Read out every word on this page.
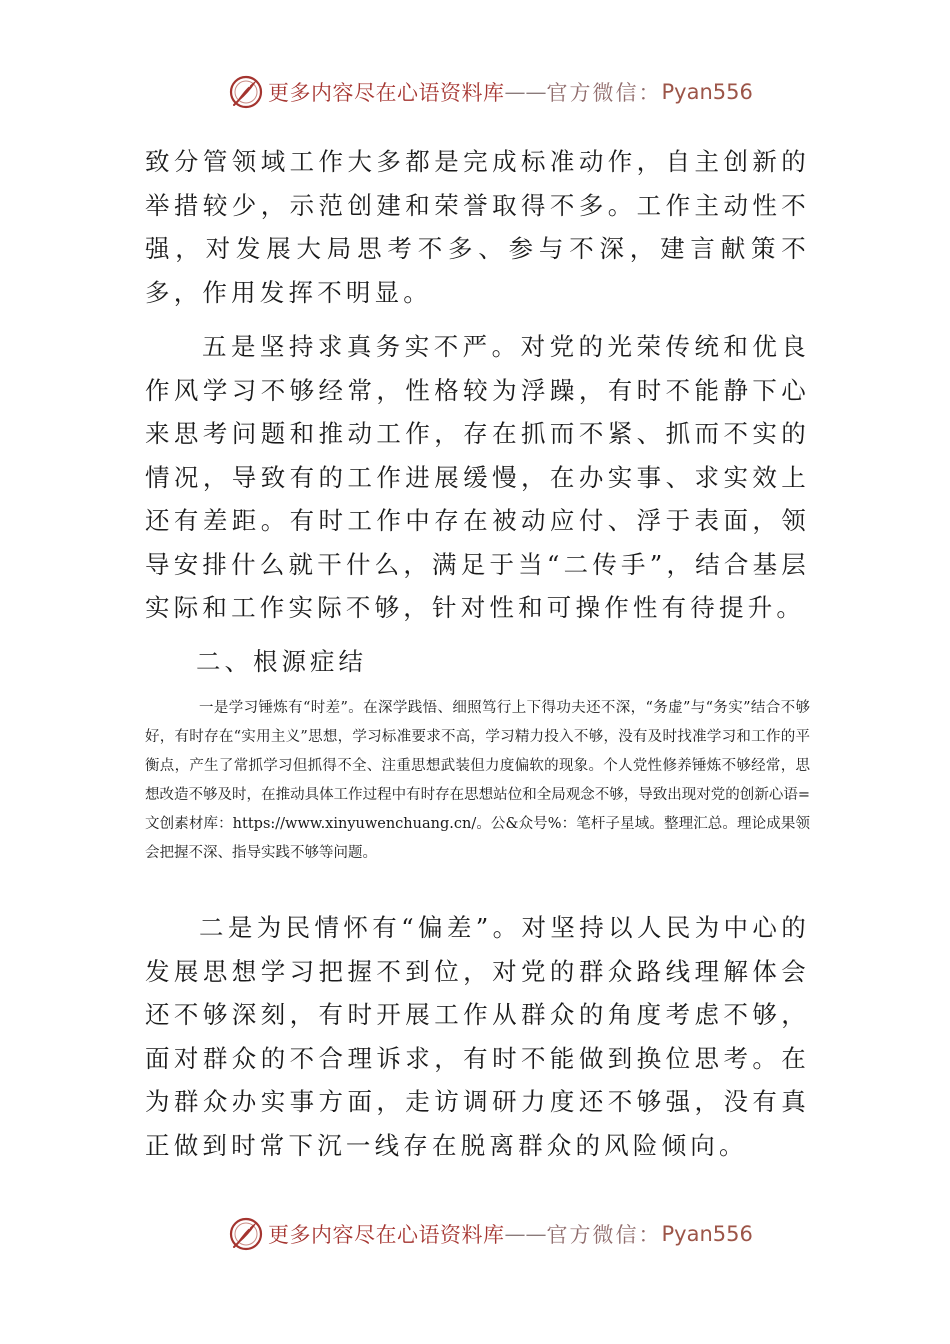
更多内容尽在心语资料库 —— 官方微信： Pyan556

致分管领域工作大多都是完成标准动作，自主创新的举措较少，示范创建和荣誉取得不多。工作主动性不强，对发展大局思考不多、参与不深，建言献策不多，作用发挥不明显。

五是坚持求真务实不严。对党的光荣传统和优良作风学习不够经常，性格较为浮躁，有时不能静下心来思考问题和推动工作，存在抓而不紧、抓而不实的情况，导致有的工作进展缓慢，在办实事、求实效上还有差距。有时工作中存在被动应付、浮于表面，领导安排什么就干什么，满足于当“二传手”，结合基层实际和工作实际不够，针对性和可操作性有待提升。

二、根源症结

一是学习锤炼有“时差”。在深学践悟、细照笃行上下得功夫还不深，“务虚”与“务实”结合不够好，有时存在“实用主义”思想，学习标准要求不高，学习精力投入不够，没有及时找准学习和工作的平衡点，产生了常抓学习但抓得不全、注重思想武装但力度偏软的现象。个人党性修养锤炼不够经常，思想改造不够及时，在推动具体工作过程中有时存在思想站位和全局观念不够，导致出现对党的创新心语=文创素材库：https://www.xinyuwenchuang.cn/。公&众号%：笔杆子星域。整理汇总。理论成果领会把握不深、指导实践不够等问题。

二是为民情怀有“偏差”。对坚持以人民为中心的发展思想学习把握不到位，对党的群众路线理解体会还不够深刻，有时开展工作从群众的角度考虑不够，面对群众的不合理诉求，有时不能做到换位思考。在为群众办实事方面，走访调研力度还不够强，没有真正做到时常下沉一线存在脱离群众的风险倾向。

更多内容尽在心语资料库 —— 官方微信： Pyan556
